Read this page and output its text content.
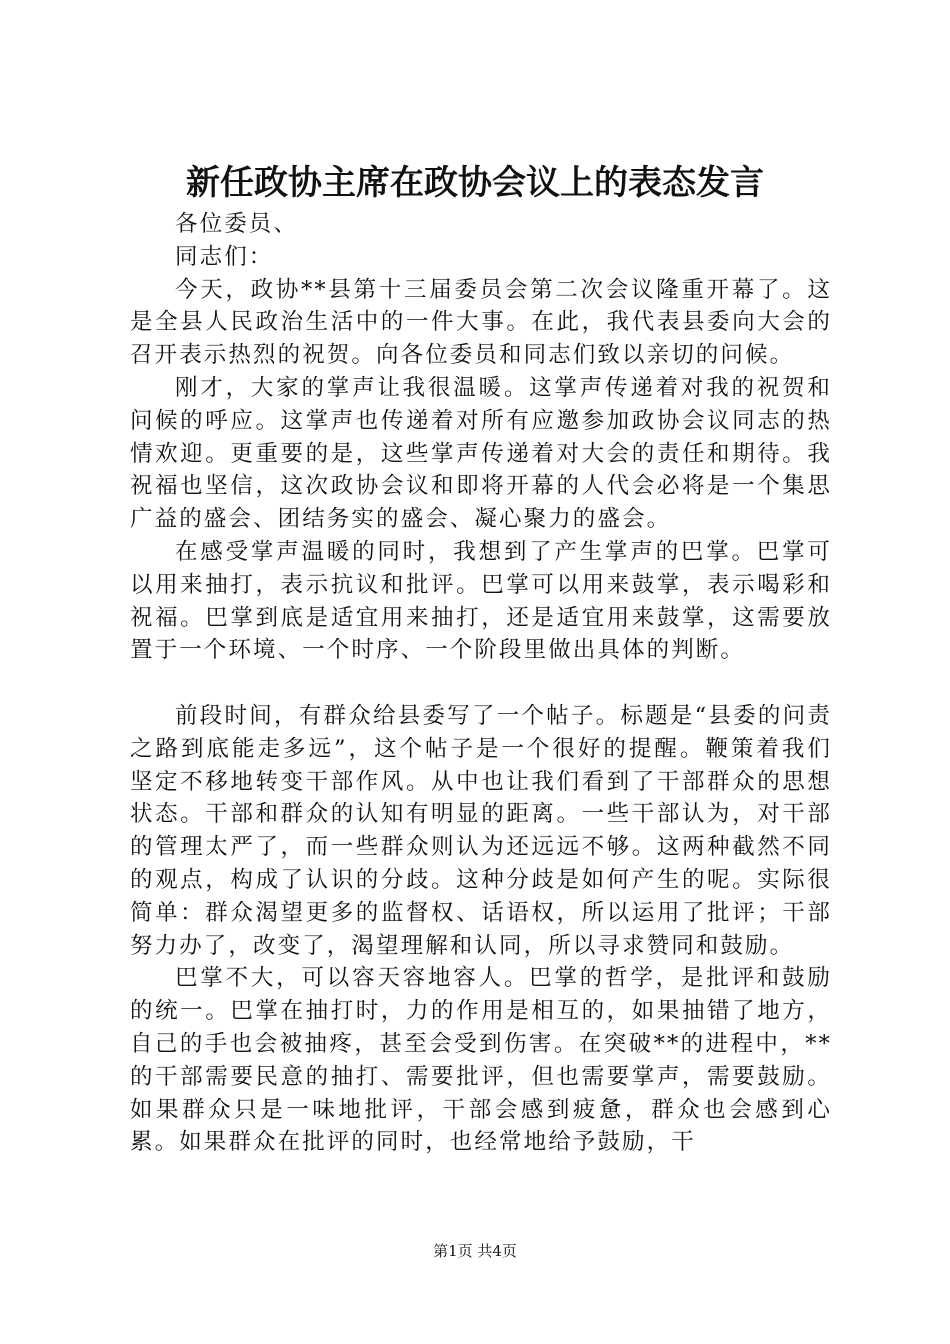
新任政协主席在政协会议上的表态发言

各位委员、

同志们：

今天，政协**县第十三届委员会第二次会议隆重开幕了。这是全县人民政治生活中的一件大事。在此，我代表县委向大会的召开表示热烈的祝贺。向各位委员和同志们致以亲切的问候。

刚才，大家的掌声让我很温暖。这掌声传递着对我的祝贺和问候的呼应。这掌声也传递着对所有应邀参加政协会议同志的热情欢迎。更重要的是，这些掌声传递着对大会的责任和期待。我祝福也坚信，这次政协会议和即将开幕的人代会必将是一个集思广益的盛会、团结务实的盛会、凝心聚力的盛会。

在感受掌声温暖的同时，我想到了产生掌声的巴掌。巴掌可以用来抽打，表示抗议和批评。巴掌可以用来鼓掌，表示喝彩和祝福。巴掌到底是适宜用来抽打，还是适宜用来鼓掌，这需要放置于一个环境、一个时序、一个阶段里做出具体的判断。

前段时间，有群众给县委写了一个帖子。标题是“县委的问责之路到底能走多远”，这个帖子是一个很好的提醒。鞭策着我们坚定不移地转变干部作风。从中也让我们看到了干部群众的思想状态。干部和群众的认知有明显的距离。一些干部认为，对干部的管理太严了，而一些群众则认为还远远不够。这两种截然不同的观点，构成了认识的分歧。这种分歧是如何产生的呢。实际很简单：群众渴望更多的监督权、话语权，所以运用了批评；干部努力办了，改变了，渴望理解和认同，所以寻求赞同和鼓励。

巴掌不大，可以容天容地容人。巴掌的哲学，是批评和鼓励的统一。巴掌在抽打时，力的作用是相互的，如果抽错了地方，自己的手也会被抽疼，甚至会受到伤害。在突破**的进程中，**的干部需要民意的抽打、需要批评，但也需要掌声，需要鼓励。如果群众只是一味地批评，干部会感到疲惫，群众也会感到心累。如果群众在批评的同时，也经常地给予鼓励，干

第1页 共4页
